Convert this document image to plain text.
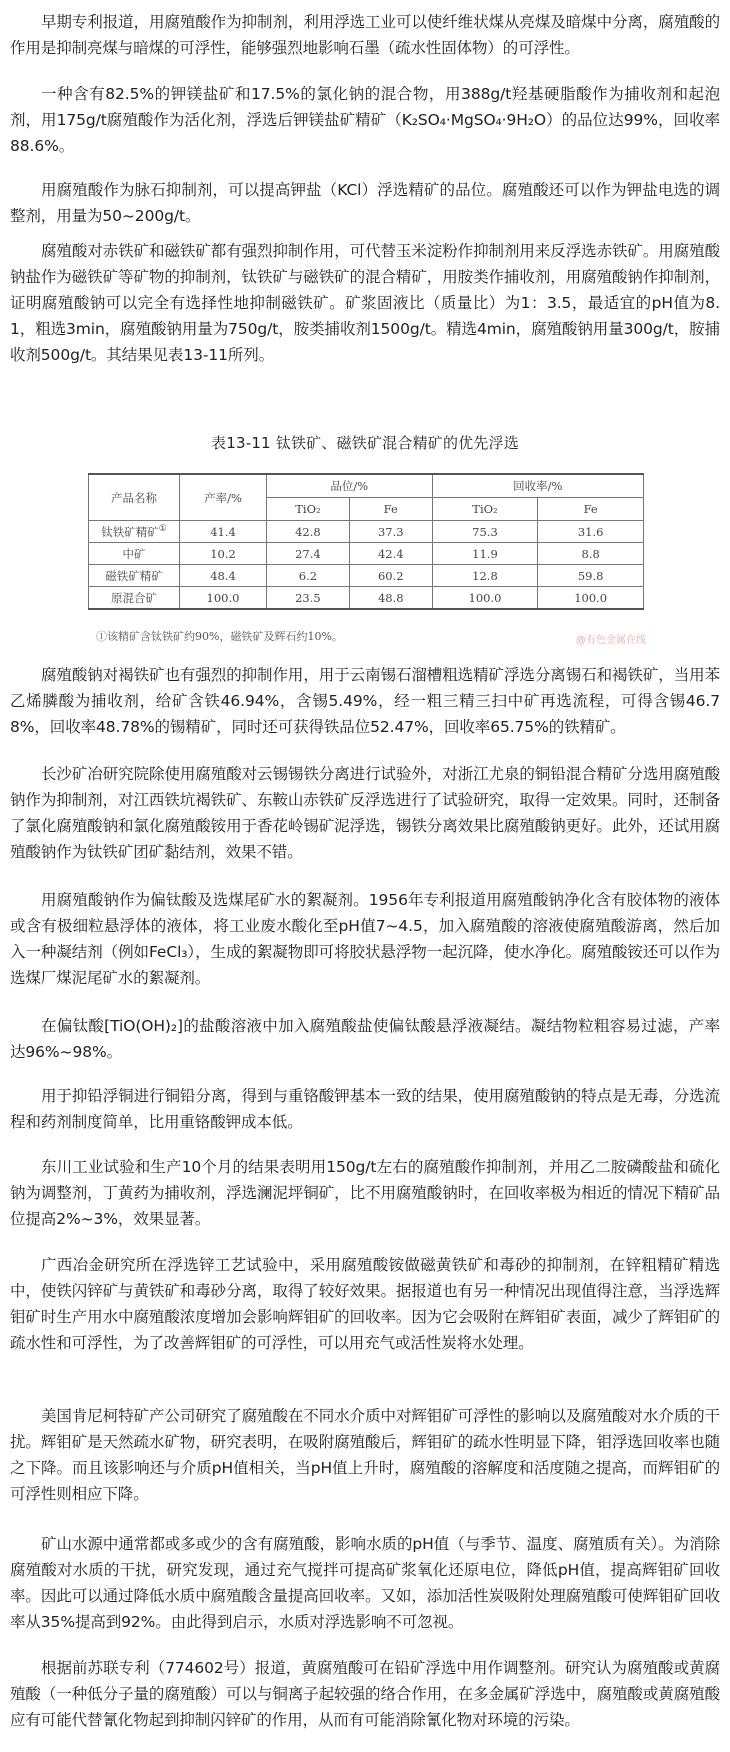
早期专利报道，用腐殖酸作为抑制剂，利用浮选工业可以使纤维状煤从亮煤及暗煤中分离，腐殖酸的作用是抑制亮煤与暗煤的可浮性，能够强烈地影响石墨（疏水性固体物）的可浮性。

一种含有82.5%的钾镁盐矿和17.5%的氯化钠的混合物，用388g/t羟基硬脂酸作为捕收剂和起泡剂，用175g/t腐殖酸作为活化剂，浮选后钾镁盐矿精矿（K₂SO₄·MgSO₄·9H₂O）的品位达99%，回收率88.6%。

用腐殖酸作为脉石抑制剂，可以提高钾盐（KCl）浮选精矿的品位。腐殖酸还可以作为钾盐电选的调整剂，用量为50~200g/t。

腐殖酸对赤铁矿和磁铁矿都有强烈抑制作用，可代替玉米淀粉作抑制剂用来反浮选赤铁矿。用腐殖酸钠盐作为磁铁矿等矿物的抑制剂，钛铁矿与磁铁矿的混合精矿，用胺类作捕收剂，用腐殖酸钠作抑制剂，证明腐殖酸钠可以完全有选择性地抑制磁铁矿。矿浆固液比（质量比）为1：3.5，最适宜的pH值为8.1，粗选3min，腐殖酸钠用量为750g/t，胺类捕收剂1500g/t。精选4min，腐殖酸钠用量300g/t，胺捕收剂500g/t。其结果见表13-11所列。

表13-11 钛铁矿、磁铁矿混合精矿的优先浮选
产品名称	产率/%	品位/%		回收率/%	
		TiO₂	Fe	TiO₂	Fe
钛铁矿精矿①	41.4	42.8	37.3	75.3	31.6
中矿	10.2	27.4	42.4	11.9	8.8
磁铁矿精矿	48.4	6.2	60.2	12.8	59.8
原混合矿	100.0	23.5	48.8	100.0	100.0
①该精矿含钛铁矿约90%，磁铁矿及辉石约10%。	@有色金属在线

腐殖酸钠对褐铁矿也有强烈的抑制作用，用于云南锡石溜槽粗选精矿浮选分离锡石和褐铁矿，当用苯乙烯膦酸为捕收剂，给矿含铁46.94%，含锡5.49%，经一粗三精三扫中矿再选流程，可得含锡46.78%，回收率48.78%的锡精矿，同时还可获得铁品位52.47%，回收率65.75%的铁精矿。

长沙矿冶研究院除使用腐殖酸对云锡锡铁分离进行试验外，对浙江尤泉的铜铅混合精矿分选用腐殖酸钠作为抑制剂，对江西铁坑褐铁矿、东鞍山赤铁矿反浮选进行了试验研究，取得一定效果。同时，还制备了氯化腐殖酸钠和氯化腐殖酸铵用于香花岭锡矿泥浮选，锡铁分离效果比腐殖酸钠更好。此外，还试用腐殖酸钠作为钛铁矿团矿黏结剂，效果不错。

用腐殖酸钠作为偏钛酸及选煤尾矿水的絮凝剂。1956年专利报道用腐殖酸钠净化含有胶体物的液体或含有极细粒悬浮体的液体，将工业废水酸化至pH值7~4.5，加入腐殖酸的溶液使腐殖酸游离，然后加入一种凝结剂（例如FeCl₃），生成的絮凝物即可将胶状悬浮物一起沉降，使水净化。腐殖酸铵还可以作为选煤厂煤泥尾矿水的絮凝剂。

在偏钛酸[TiO(OH)₂]的盐酸溶液中加入腐殖酸盐使偏钛酸悬浮液凝结。凝结物粒粗容易过滤，产率达96%~98%。

用于抑铅浮铜进行铜铅分离，得到与重铬酸钾基本一致的结果，使用腐殖酸钠的特点是无毒，分选流程和药剂制度简单，比用重铬酸钾成本低。

东川工业试验和生产10个月的结果表明用150g/t左右的腐殖酸作抑制剂，并用乙二胺磷酸盐和硫化钠为调整剂，丁黄药为捕收剂，浮选澜泥坪铜矿，比不用腐殖酸钠时，在回收率极为相近的情况下精矿品位提高2%~3%，效果显著。

广西冶金研究所在浮选锌工艺试验中，采用腐殖酸铵做磁黄铁矿和毒砂的抑制剂，在锌粗精矿精选中，使铁闪锌矿与黄铁矿和毒砂分离，取得了较好效果。据报道也有另一种情况出现值得注意，当浮选辉钼矿时生产用水中腐殖酸浓度增加会影响辉钼矿的回收率。因为它会吸附在辉钼矿表面，减少了辉钼矿的疏水性和可浮性，为了改善辉钼矿的可浮性，可以用充气或活性炭将水处理。

美国肯尼柯特矿产公司研究了腐殖酸在不同水介质中对辉钼矿可浮性的影响以及腐殖酸对水介质的干扰。辉钼矿是天然疏水矿物，研究表明，在吸附腐殖酸后，辉钼矿的疏水性明显下降，钼浮选回收率也随之下降。而且该影响还与介质pH值相关，当pH值上升时，腐殖酸的溶解度和活度随之提高，而辉钼矿的可浮性则相应下降。

矿山水源中通常都或多或少的含有腐殖酸，影响水质的pH值（与季节、温度、腐殖质有关）。为消除腐殖酸对水质的干扰，研究发现，通过充气搅拌可提高矿浆氧化还原电位，降低pH值，提高辉钼矿回收率。因此可以通过降低水质中腐殖酸含量提高回收率。又如，添加活性炭吸附处理腐殖酸可使辉钼矿回收率从35%提高到92%。由此得到启示，水质对浮选影响不可忽视。

根据前苏联专利（774602号）报道，黄腐殖酸可在铅矿浮选中用作调整剂。研究认为腐殖酸或黄腐殖酸（一种低分子量的腐殖酸）可以与铜离子起较强的络合作用，在多金属矿浮选中，腐殖酸或黄腐殖酸应有可能代替氰化物起到抑制闪锌矿的作用，从而有可能消除氰化物对环境的污染。
